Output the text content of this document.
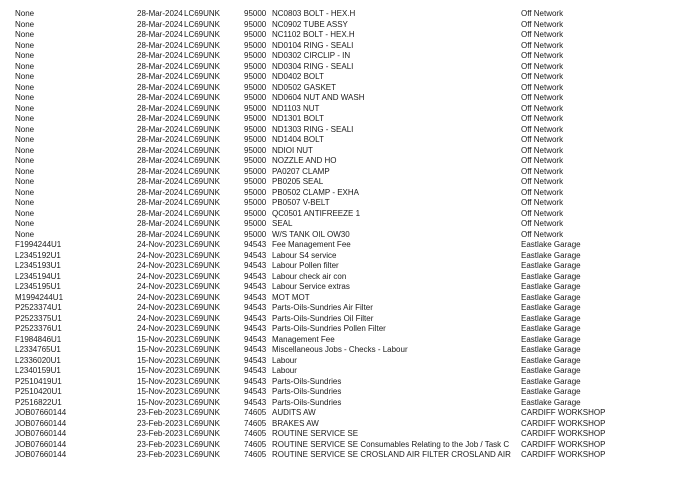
None	28-Mar-2024 LC69UNK	95000 NC0803 BOLT - HEX.H	Off Network
None	28-Mar-2024 LC69UNK	95000 NC0902 TUBE ASSY	Off Network
None	28-Mar-2024 LC69UNK	95000 NC1102 BOLT - HEX.H	Off Network
None	28-Mar-2024 LC69UNK	95000 ND0104 RING - SEALI	Off Network
None	28-Mar-2024 LC69UNK	95000 ND0302 CIRCLIP - IN	Off Network
None	28-Mar-2024 LC69UNK	95000 ND0304 RING - SEALI	Off Network
None	28-Mar-2024 LC69UNK	95000 ND0402 BOLT	Off Network
None	28-Mar-2024 LC69UNK	95000 ND0502 GASKET	Off Network
None	28-Mar-2024 LC69UNK	95000 ND0604 NUT AND WASH	Off Network
None	28-Mar-2024 LC69UNK	95000 ND1103 NUT	Off Network
None	28-Mar-2024 LC69UNK	95000 ND1301 BOLT	Off Network
None	28-Mar-2024 LC69UNK	95000 ND1303 RING - SEALI	Off Network
None	28-Mar-2024 LC69UNK	95000 ND1404 BOLT	Off Network
None	28-Mar-2024 LC69UNK	95000 NDIOI NUT	Off Network
None	28-Mar-2024 LC69UNK	95000 NOZZLE AND HO	Off Network
None	28-Mar-2024 LC69UNK	95000 PA0207 CLAMP	Off Network
None	28-Mar-2024 LC69UNK	95000 PB0205 SEAL	Off Network
None	28-Mar-2024 LC69UNK	95000 PB0502 CLAMP - EXHA	Off Network
None	28-Mar-2024 LC69UNK	95000 PB0507 V-BELT	Off Network
None	28-Mar-2024 LC69UNK	95000 QC0501 ANTIFREEZE 1	Off Network
None	28-Mar-2024 LC69UNK	95000 SEAL	Off Network
None	28-Mar-2024 LC69UNK	95000 W/S TANK OIL OW30	Off Network
F1994244U1	24-Nov-2023 LC69UNK	94543 Fee Management Fee	Eastlake Garage
L2345192U1	24-Nov-2023 LC69UNK	94543 Labour S4 service	Eastlake Garage
L2345193U1	24-Nov-2023 LC69UNK	94543 Labour Pollen filter	Eastlake Garage
L2345194U1	24-Nov-2023 LC69UNK	94543 Labour check air con	Eastlake Garage
L2345195U1	24-Nov-2023 LC69UNK	94543 Labour Service extras	Eastlake Garage
M1994244U1	24-Nov-2023 LC69UNK	94543 MOT MOT	Eastlake Garage
P2523374U1	24-Nov-2023 LC69UNK	94543 Parts-Oils-Sundries Air Filter	Eastlake Garage
P2523375U1	24-Nov-2023 LC69UNK	94543 Parts-Oils-Sundries Oil Filter	Eastlake Garage
P2523376U1	24-Nov-2023 LC69UNK	94543 Parts-Oils-Sundries Pollen Filter	Eastlake Garage
F1984846U1	15-Nov-2023 LC69UNK	94543 Management Fee	Eastlake Garage
L2334765U1	15-Nov-2023 LC69UNK	94543 Miscellaneous Jobs - Checks - Labour	Eastlake Garage
L2336020U1	15-Nov-2023 LC69UNK	94543 Labour	Eastlake Garage
L2340159U1	15-Nov-2023 LC69UNK	94543 Labour	Eastlake Garage
P2510419U1	15-Nov-2023 LC69UNK	94543 Parts-Oils-Sundries	Eastlake Garage
P2510420U1	15-Nov-2023 LC69UNK	94543 Parts-Oils-Sundries	Eastlake Garage
P2516822U1	15-Nov-2023 LC69UNK	94543 Parts-Oils-Sundries	Eastlake Garage
JOB07660144	23-Feb-2023 LC69UNK	74605 AUDITS AW	CARDIFF WORKSHOP
JOB07660144	23-Feb-2023 LC69UNK	74605 BRAKES AW	CARDIFF WORKSHOP
JOB07660144	23-Feb-2023 LC69UNK	74605 ROUTINE SERVICE SE	CARDIFF WORKSHOP
JOB07660144	23-Feb-2023 LC69UNK	74605 ROUTINE SERVICE SE Consumables Relating to the Job / Task C	CARDIFF WORKSHOP
JOB07660144	23-Feb-2023 LC69UNK	74605 ROUTINE SERVICE SE CROSLAND AIR FILTER CROSLAND AIR	CARDIFF WORKSHOP
